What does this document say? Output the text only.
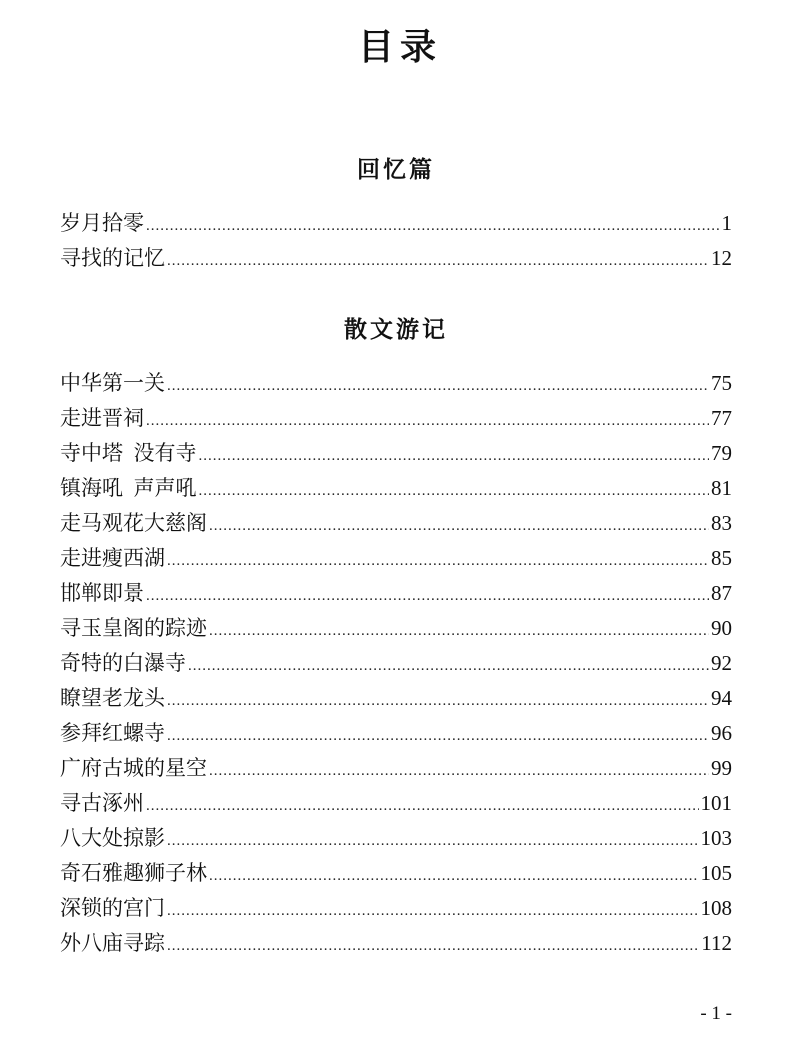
目录
回忆篇
岁月拾零 .....	1
寻找的记忆 .....	12
散文游记
中华第一关 .....	75
走进晋祠 .....	77
寺中塔  没有寺 .....	79
镇海吼  声声吼 .....	81
走马观花大慈阁 .....	83
走进瘦西湖 .....	85
邯郸即景 .....	87
寻玉皇阁的踪迹 .....	90
奇特的白瀑寺 .....	92
瞭望老龙头 .....	94
参拜红螺寺 .....	96
广府古城的星空 .....	99
寻古涿州 .....	101
八大处掠影 .....	103
奇石雅趣狮子林 .....	105
深锁的宫门 .....	108
外八庙寻踪 .....	112
- 1 -
